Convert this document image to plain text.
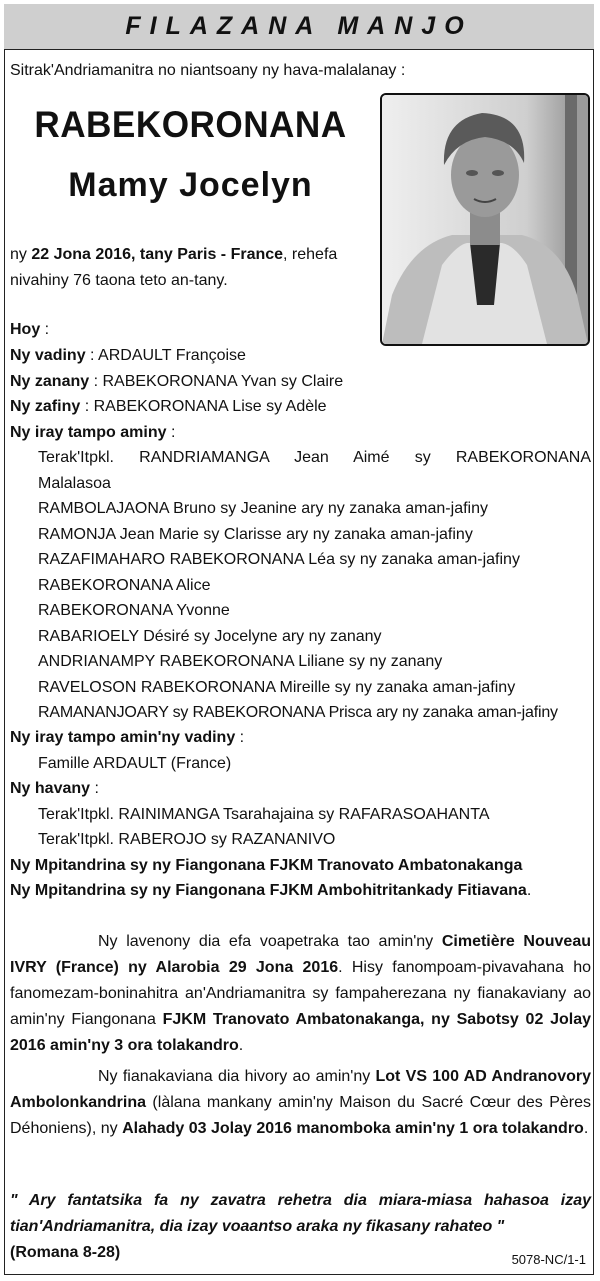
FILAZANA MANJO
Sitrak'Andriamanitra no niantsoany ny hava-malalanay :
RABEKORONANA
Mamy Jocelyn
ny 22 Jona 2016, tany Paris - France, rehefa nivahiny 76 taona teto an-tany.
Hoy :
Ny vadiny : ARDAULT Françoise
Ny zanany : RABEKORONANA Yvan sy Claire
Ny zafiny : RABEKORONANA Lise sy Adèle
Ny iray tampo aminy :
Terak'Itpkl. RANDRIAMANGA Jean Aimé sy RABEKORONANA
Malalasoa
RAMBOLAJAONA Bruno sy Jeanine ary ny zanaka aman-jafiny
RAMONJA Jean Marie sy Clarisse ary ny zanaka aman-jafiny
RAZAFIMAHARO RABEKORONANA Léa sy ny zanaka aman-jafiny
RABEKORONANA Alice
RABEKORONANA Yvonne
RABARIOELY Désiré sy Jocelyne ary ny zanany
ANDRIANAMPY RABEKORONANA Liliane sy ny zanany
RAVELOSON RABEKORONANA Mireille sy ny zanaka aman-jafiny
RAMANANJOARY sy RABEKORONANA Prisca ary ny zanaka aman-jafiny
Ny iray tampo amin'ny vadiny :
Famille ARDAULT (France)
Ny havany :
Terak'Itpkl. RAINIMANGA Tsarahajaina sy RAFARASOAHANTA
Terak'Itpkl. RABEROJO sy RAZANANIVO
Ny Mpitandrina sy ny Fiangonana FJKM Tranovato Ambatonakanga
Ny Mpitandrina sy ny Fiangonana FJKM Ambohitritankady Fitiavana.

Ny lavenony dia efa voapetraka tao amin'ny Cimetière Nouveau IVRY (France) ny Alarobia 29 Jona 2016. Hisy fanompoam-pivavahana ho fanomezam-boninahitra an'Andriamanitra sy fampaherezana ny fianakaviany ao amin'ny Fiangonana FJKM Tranovato Ambatonakanga, ny Sabotsy 02 Jolay 2016 amin'ny 3 ora tolakandro.

Ny fianakaviana dia hivory ao amin'ny Lot VS 100 AD Andranovory Ambolonkandrina (làlana mankany amin'ny Maison du Sacré Cœur des Pères Déhoniens), ny Alahady 03 Jolay 2016 manomboka amin'ny 1 ora tolakandro.

" Ary fantatsika fa ny zavatra rehetra dia miara-miasa hahasoa izay tian'Andriamanitra, dia izay voaantso araka ny fikasany rahateo "
(Romana 8-28)	5078-NC/1-1
